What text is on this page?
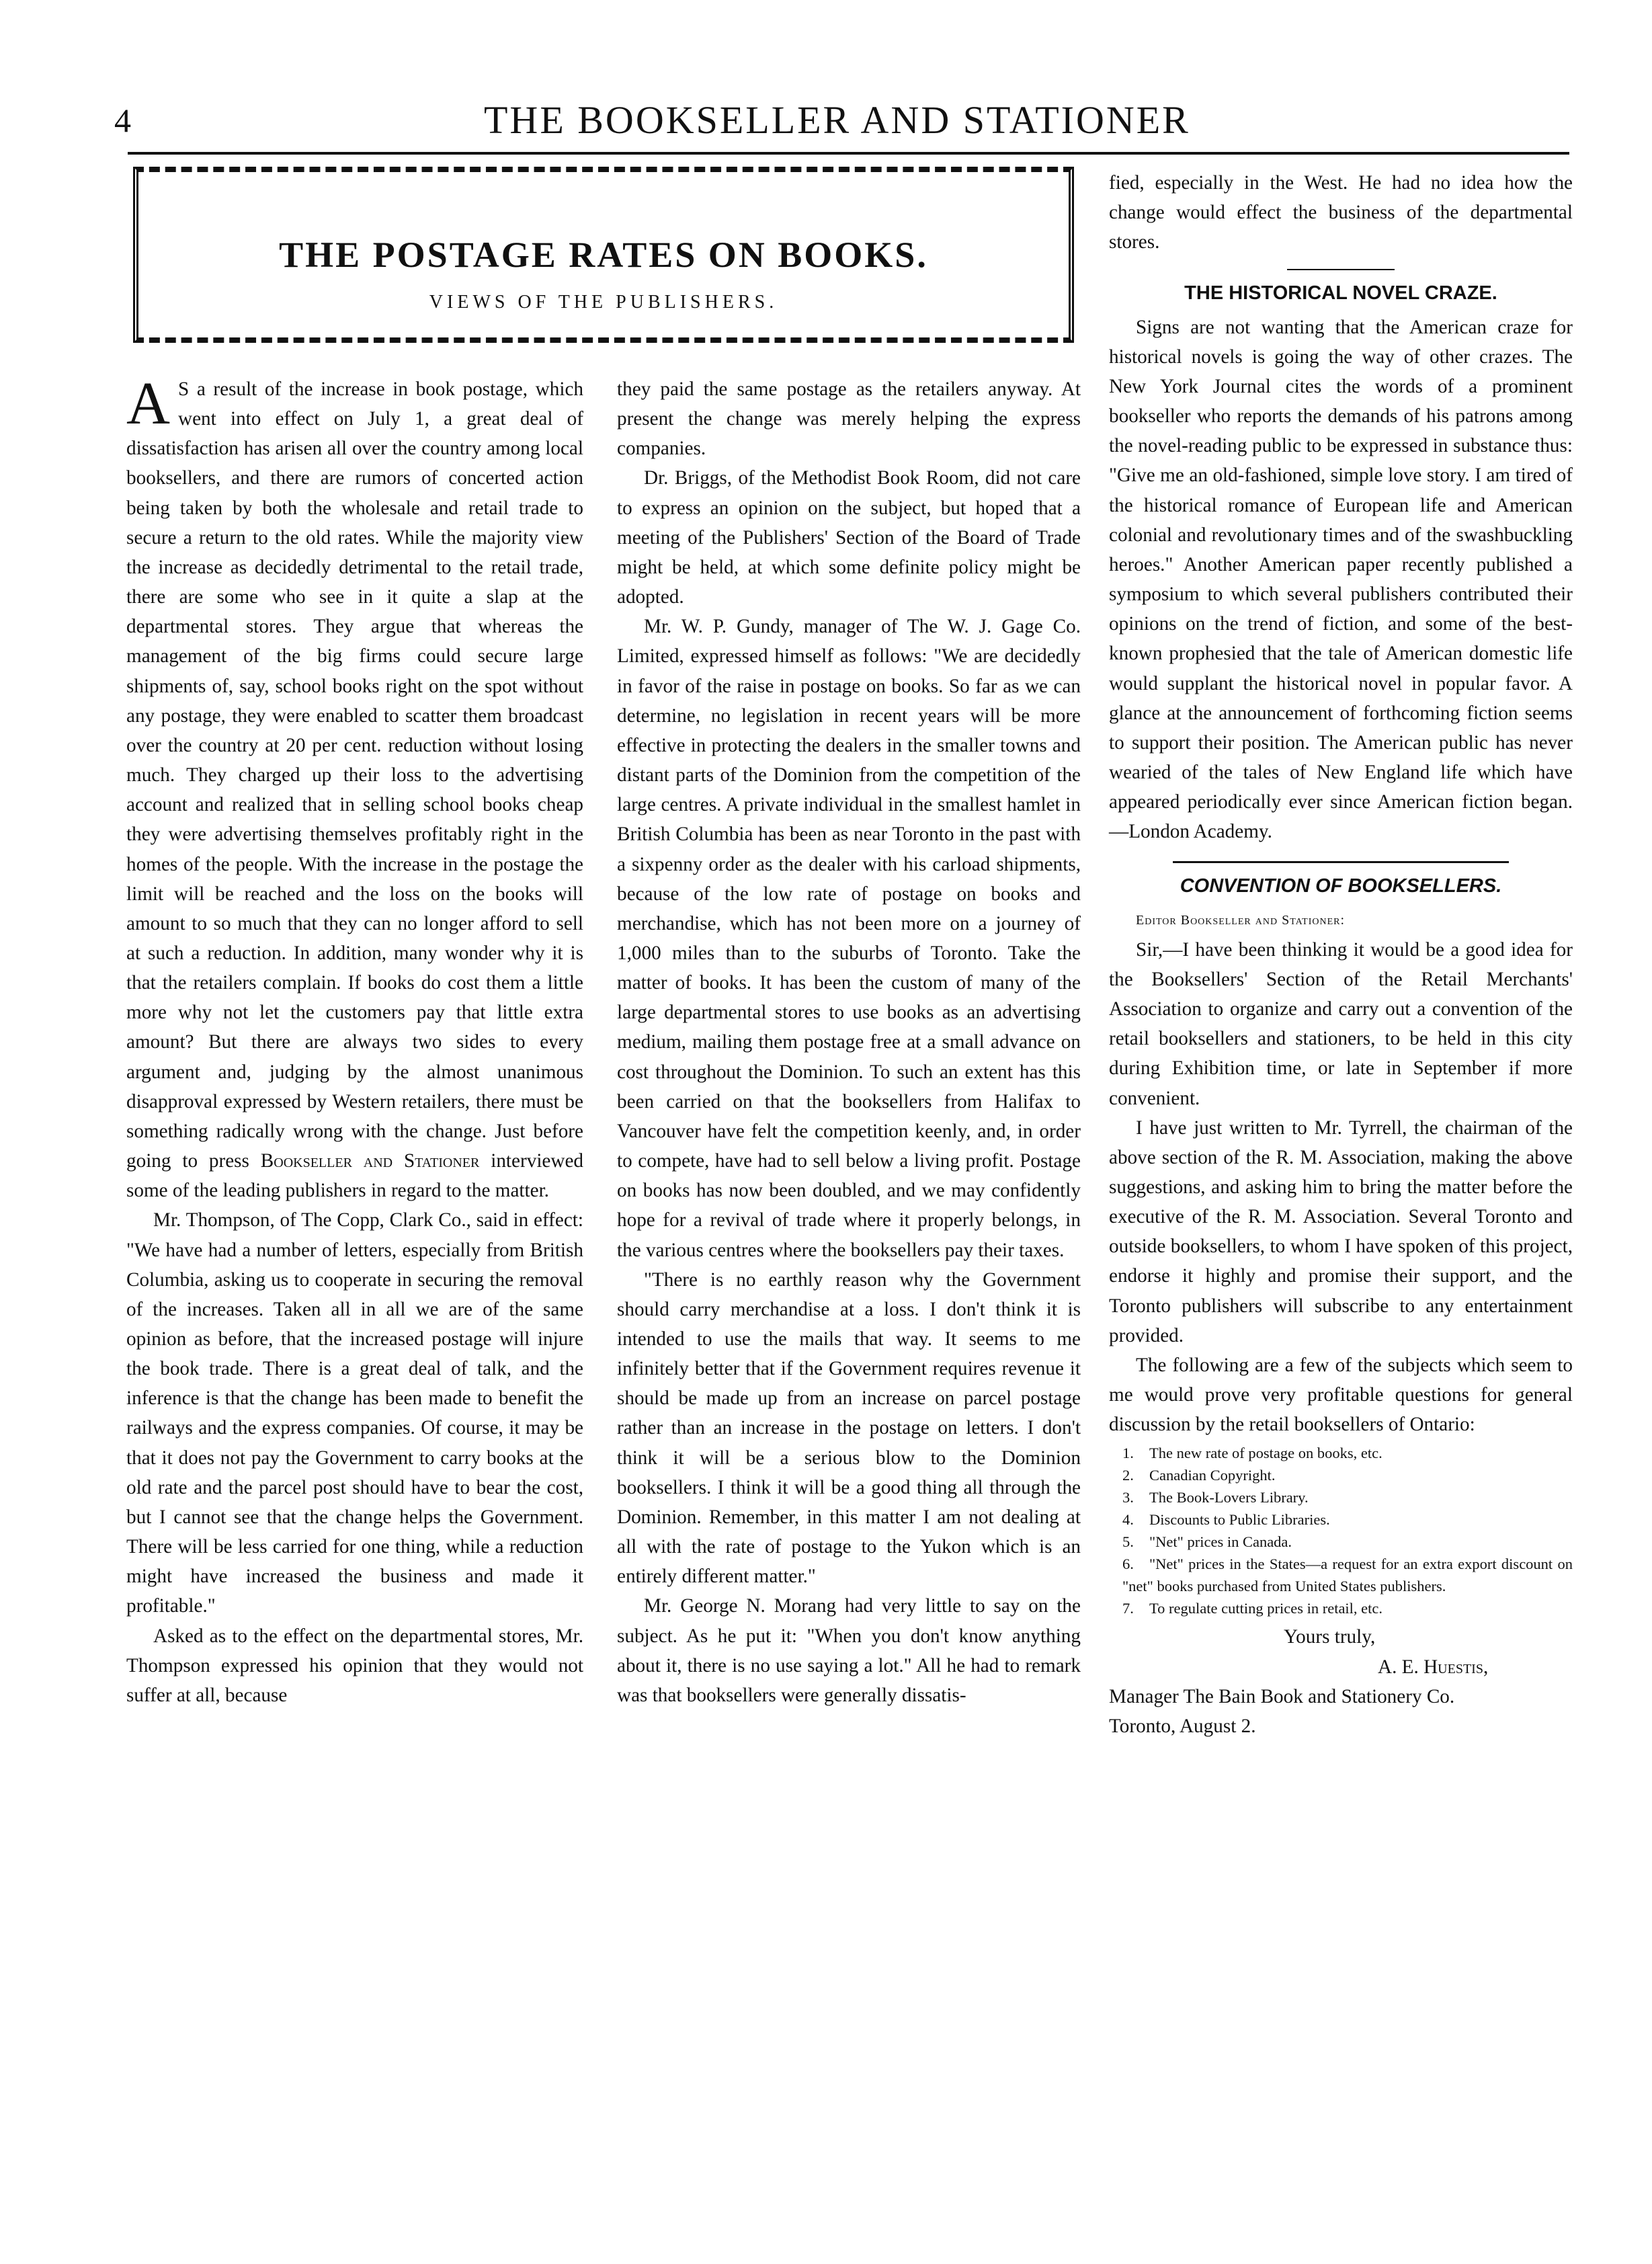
4	THE BOOKSELLER AND STATIONER
THE POSTAGE RATES ON BOOKS.
VIEWS OF THE PUBLISHERS.

A S a result of the increase in book postage, which went into effect on July 1, a great deal of dissatisfaction has arisen all over the country among local booksellers, and there are rumors of concerted action being taken by both the wholesale and retail trade to secure a return to the old rates. While the majority view the increase as decidedly detrimental to the retail trade, there are some who see in it quite a slap at the departmental stores. They argue that whereas the management of the big firms could secure large shipments of, say, school books right on the spot without any postage, they were enabled to scatter them broadcast over the country at 20 per cent. reduction without losing much. They charged up their loss to the advertising account and realized that in selling school books cheap they were advertising themselves profitably right in the homes of the people. With the increase in the postage the limit will be reached and the loss on the books will amount to so much that they can no longer afford to sell at such a reduction. In addition, many wonder why it is that the retailers complain. If books do cost them a little more why not let the customers pay that little extra amount? But there are always two sides to every argument and, judging by the almost unanimous disapproval expressed by Western retailers, there must be something radically wrong with the change. Just before going to press Bookseller and Stationer interviewed some of the leading publishers in regard to the matter.

Mr. Thompson, of The Copp, Clark Co., said in effect: "We have had a number of letters, especially from British Columbia, asking us to cooperate in securing the removal of the increases. Taken all in all we are of the same opinion as before, that the increased postage will injure the book trade. There is a great deal of talk, and the inference is that the change has been made to benefit the railways and the express companies. Of course, it may be that it does not pay the Government to carry books at the old rate and the parcel post should have to bear the cost, but I cannot see that the change helps the Government. There will be less carried for one thing, while a reduction might have increased the business and made it profitable."

Asked as to the effect on the departmental stores, Mr. Thompson expressed his opinion that they would not suffer at all, because

they paid the same postage as the retailers anyway. At present the change was merely helping the express companies.

Dr. Briggs, of the Methodist Book Room, did not care to express an opinion on the subject, but hoped that a meeting of the Publishers' Section of the Board of Trade might be held, at which some definite policy might be adopted.

Mr. W. P. Gundy, manager of The W. J. Gage Co. Limited, expressed himself as follows: "We are decidedly in favor of the raise in postage on books. So far as we can determine, no legislation in recent years will be more effective in protecting the dealers in the smaller towns and distant parts of the Dominion from the competition of the large centres. A private individual in the smallest hamlet in British Columbia has been as near Toronto in the past with a sixpenny order as the dealer with his carload shipments, because of the low rate of postage on books and merchandise, which has not been more on a journey of 1,000 miles than to the suburbs of Toronto. Take the matter of books. It has been the custom of many of the large departmental stores to use books as an advertising medium, mailing them postage free at a small advance on cost throughout the Dominion. To such an extent has this been carried on that the booksellers from Halifax to Vancouver have felt the competition keenly, and, in order to compete, have had to sell below a living profit. Postage on books has now been doubled, and we may confidently hope for a revival of trade where it properly belongs, in the various centres where the booksellers pay their taxes.

"There is no earthly reason why the Government should carry merchandise at a loss. I don't think it is intended to use the mails that way. It seems to me infinitely better that if the Government requires revenue it should be made up from an increase on parcel postage rather than an increase in the postage on letters. I don't think it will be a serious blow to the Dominion booksellers. I think it will be a good thing all through the Dominion. Remember, in this matter I am not dealing at all with the rate of postage to the Yukon which is an entirely different matter."

Mr. George N. Morang had very little to say on the subject. As he put it: "When you don't know anything about it, there is no use saying a lot." All he had to remark was that booksellers were generally dissatis-

fied, especially in the West. He had no idea how the change would effect the business of the departmental stores.

THE HISTORICAL NOVEL CRAZE.

Signs are not wanting that the American craze for historical novels is going the way of other crazes. The New York Journal cites the words of a prominent bookseller who reports the demands of his patrons among the novel-reading public to be expressed in substance thus: "Give me an old-fashioned, simple love story. I am tired of the historical romance of European life and American colonial and revolutionary times and of the swashbuckling heroes." Another American paper recently published a symposium to which several publishers contributed their opinions on the trend of fiction, and some of the best-known prophesied that the tale of American domestic life would supplant the historical novel in popular favor. A glance at the announcement of forthcoming fiction seems to support their position. The American public has never wearied of the tales of New England life which have appeared periodically ever since American fiction began.—London Academy.

CONVENTION OF BOOKSELLERS.

Editor Bookseller and Stationer:

Sir,—I have been thinking it would be a good idea for the Booksellers' Section of the Retail Merchants' Association to organize and carry out a convention of the retail booksellers and stationers, to be held in this city during Exhibition time, or late in September if more convenient.

I have just written to Mr. Tyrrell, the chairman of the above section of the R. M. Association, making the above suggestions, and asking him to bring the matter before the executive of the R. M. Association. Several Toronto and outside booksellers, to whom I have spoken of this project, endorse it highly and promise their support, and the Toronto publishers will subscribe to any entertainment provided.

The following are a few of the subjects which seem to me would prove very profitable questions for general discussion by the retail booksellers of Ontario:

1. The new rate of postage on books, etc.
2. Canadian Copyright.
3. The Book-Lovers Library.
4. Discounts to Public Libraries.
5. "Net" prices in Canada.
6. "Net" prices in the States—a request for an extra export discount on "net" books purchased from United States publishers.
7. To regulate cutting prices in retail, etc.

Yours truly,

A. E. Huestis,

Manager The Bain Book and Stationery Co.

Toronto, August 2.
